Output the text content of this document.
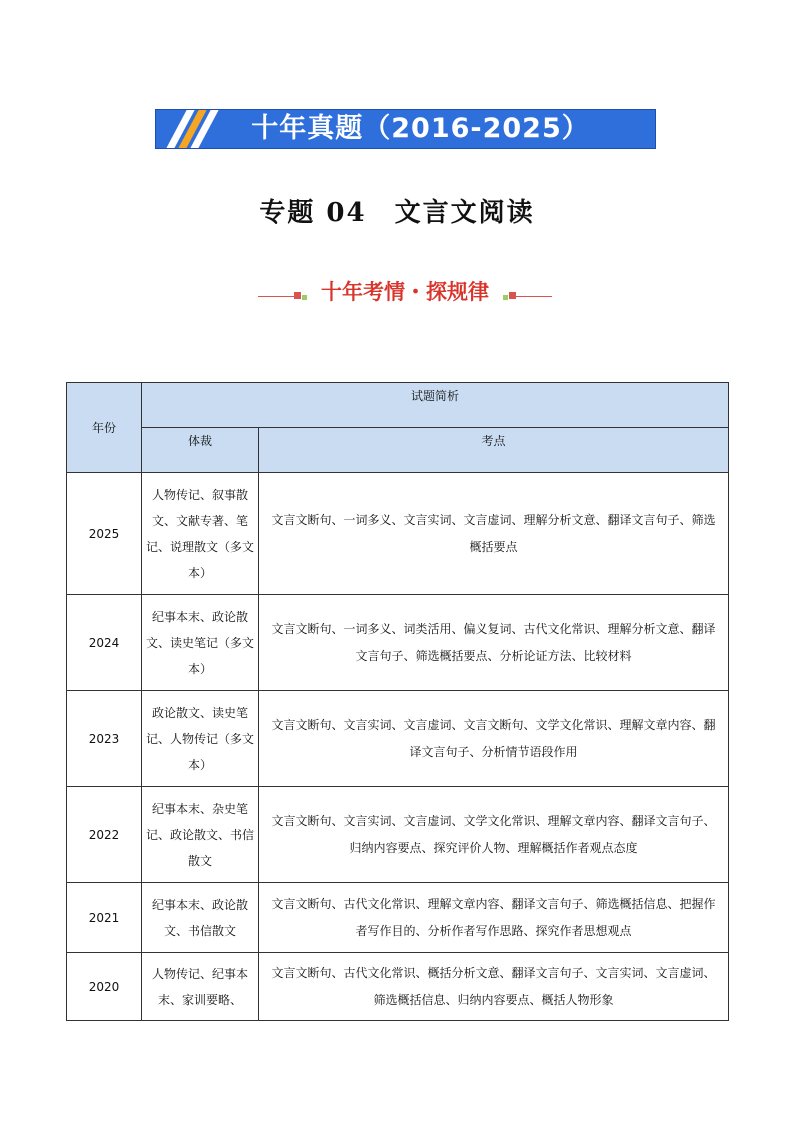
十年真题（2016-2025）
专题 04　文言文阅读
十年考情・探规律
年份	试题简析	
	体裁	考点
2025	人物传记、叙事散文、文献专著、笔记、说理散文（多文本）	文言文断句、一词多义、文言实词、文言虚词、理解分析文意、翻译文言句子、筛选概括要点
2024	纪事本末、政论散文、读史笔记（多文本）	文言文断句、一词多义、词类活用、偏义复词、古代文化常识、理解分析文意、翻译文言句子、筛选概括要点、分析论证方法、比较材料
2023	政论散文、读史笔记、人物传记（多文本）	文言文断句、文言实词、文言虚词、文言文断句、文学文化常识、理解文章内容、翻译文言句子、分析情节语段作用
2022	纪事本末、杂史笔记、政论散文、书信散文	文言文断句、文言实词、文言虚词、文学文化常识、理解文章内容、翻译文言句子、归纳内容要点、探究评价人物、理解概括作者观点态度
2021	纪事本末、政论散文、书信散文	文言文断句、古代文化常识、理解文章内容、翻译文言句子、筛选概括信息、把握作者写作目的、分析作者写作思路、探究作者思想观点
2020	人物传记、纪事本末、家训要略、	文言文断句、古代文化常识、概括分析文意、翻译文言句子、文言实词、文言虚词、筛选概括信息、归纳内容要点、概括人物形象
